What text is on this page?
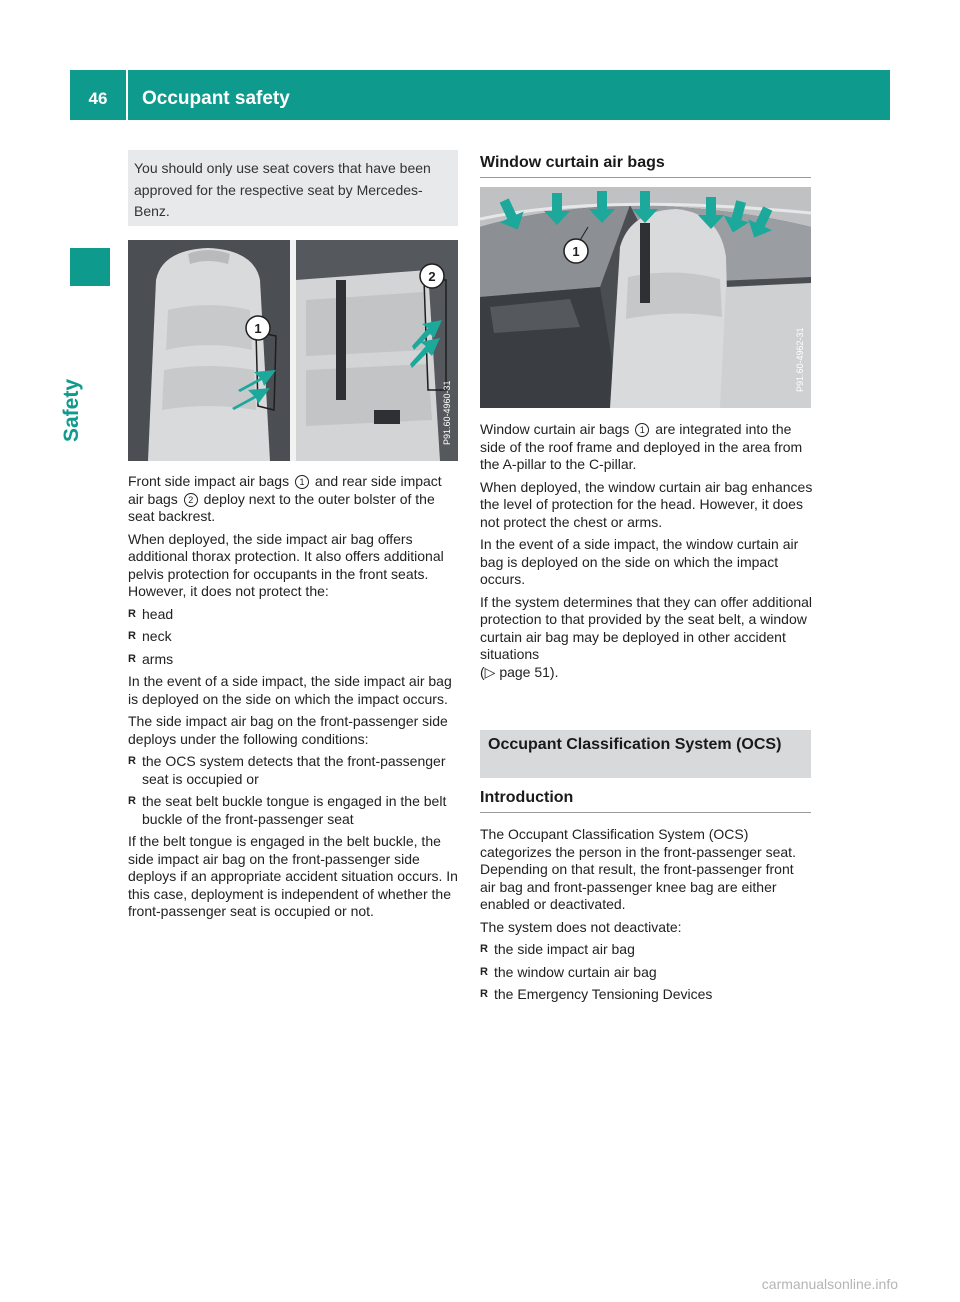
46	Occupant safety
Safety
You should only use seat covers that have been approved for the respective seat by Mercedes-Benz.
1
2
P91.60-4960-31

Front side impact air bags 1 and rear side impact air bags 2 deploy next to the outer bolster of the seat backrest.

When deployed, the side impact air bag offers additional thorax protection. It also offers additional pelvis protection for occupants in the front seats. However, it does not protect the:

R head
R neck
R arms

In the event of a side impact, the side impact air bag is deployed on the side on which the impact occurs.

The side impact air bag on the front-passenger side deploys under the following conditions:

R the OCS system detects that the front-passenger seat is occupied or
R the seat belt buckle tongue is engaged in the belt buckle of the front-passenger seat

If the belt tongue is engaged in the belt buckle, the side impact air bag on the front-passenger side deploys if an appropriate accident situation occurs. In this case, deployment is independent of whether the front-passenger seat is occupied or not.

Window curtain air bags
1
P91.60-4962-31

Window curtain air bags 1 are integrated into the side of the roof frame and deployed in the area from the A-pillar to the C-pillar.

When deployed, the window curtain air bag enhances the level of protection for the head. However, it does not protect the chest or arms.

In the event of a side impact, the window curtain air bag is deployed on the side on which the impact occurs.

If the system determines that they can offer additional protection to that provided by the seat belt, a window curtain air bag may be deployed in other accident situations
(▷ page 51).

Occupant Classification System (OCS)
Introduction

The Occupant Classification System (OCS) categorizes the person in the front-passenger seat. Depending on that result, the front-passenger front air bag and front-passenger knee bag are either enabled or deactivated.

The system does not deactivate:

R the side impact air bag
R the window curtain air bag
R the Emergency Tensioning Devices
carmanualsonline.info
